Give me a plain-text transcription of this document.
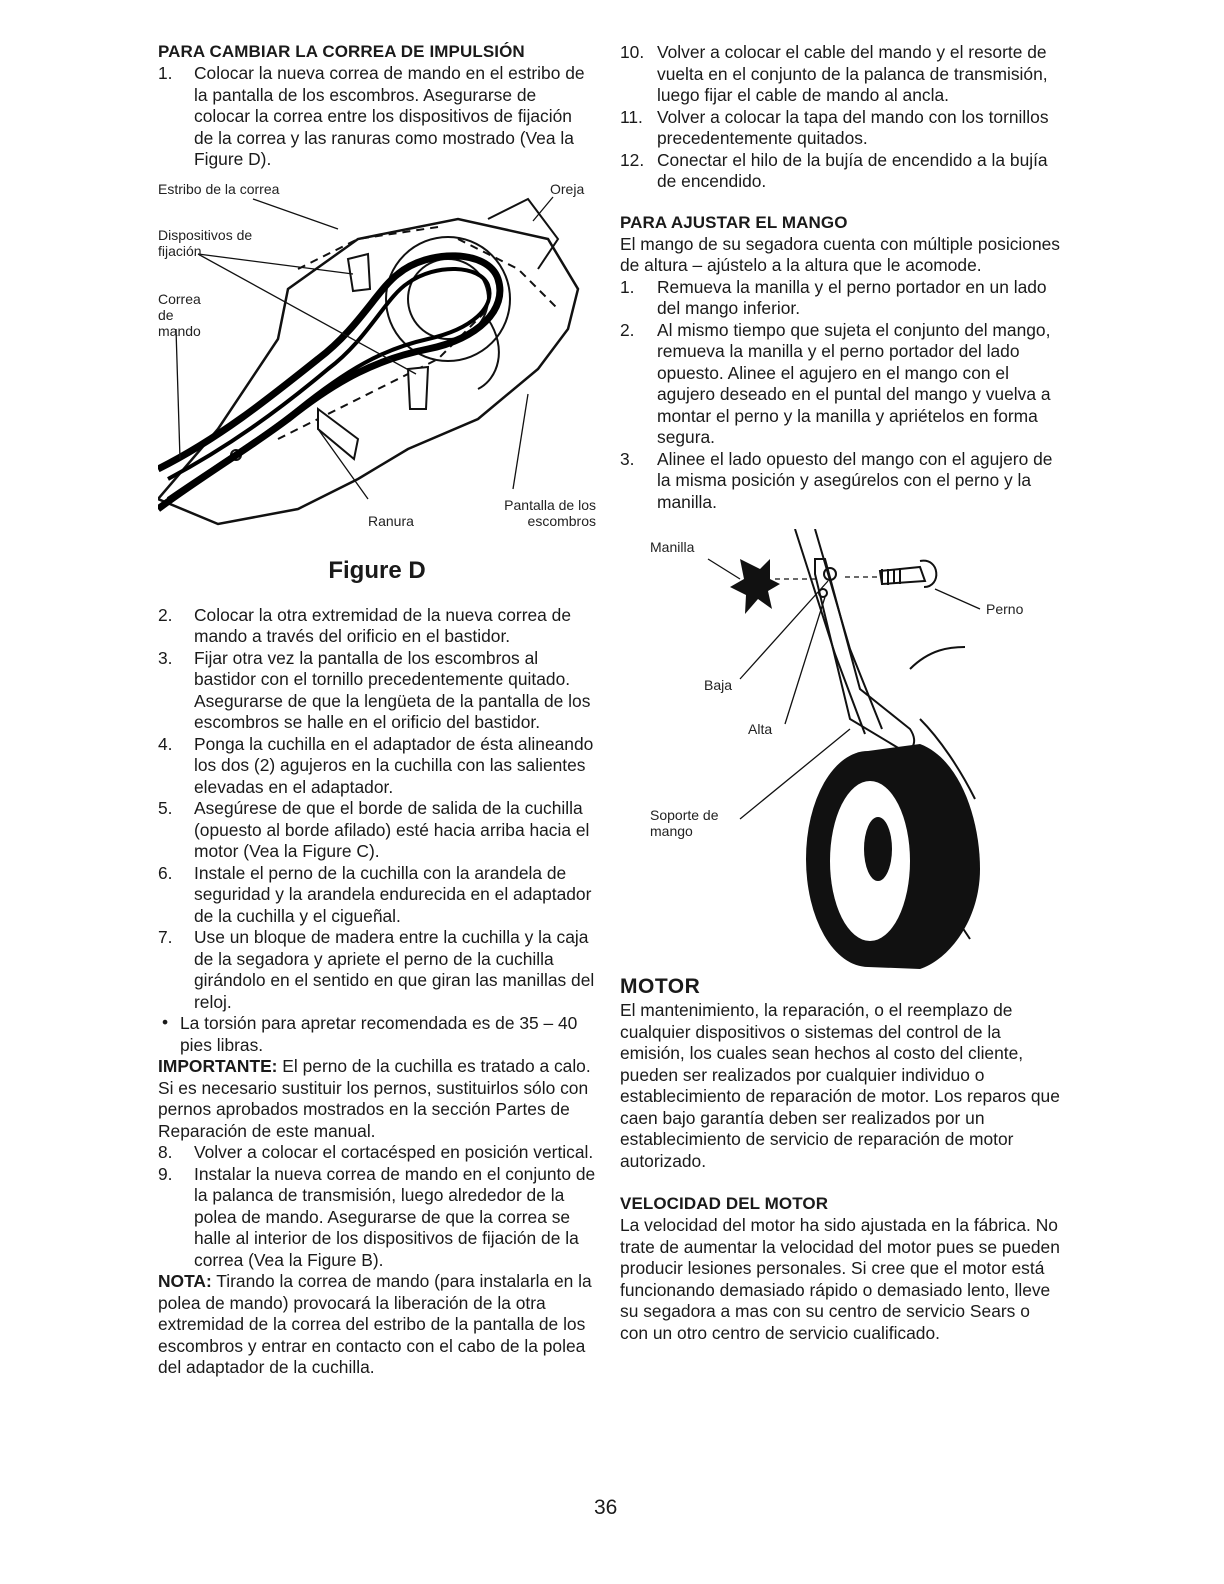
PARA CAMBIAR LA CORREA DE IMPULSIÓN
1. Colocar la nueva correa de mando en el estribo de la pantalla de los escombros. Asegurarse de colocar la correa entre los dispositivos de fijación de la correa y las ranuras como mostrado (Vea la Figure D).
Estribo de la correa	Oreja
Dispositivos de fijación
Correa de mando
Pantalla de los escombros
Ranura
Figure D
2. Colocar la otra extremidad de la nueva correa de mando a través del orificio en el bastidor.
3. Fijar otra vez la pantalla de los escombros al bastidor con el tornillo precedentemente quitado. Asegurarse de que la lengüeta de la pantalla de los escombros se halle en el orificio del bastidor.
4. Ponga la cuchilla en el adaptador de ésta alineando los dos (2) agujeros en la cuchilla con las salientes elevadas en el adaptador.
5. Asegúrese de que el borde de salida de la cuchilla (opuesto al borde afilado) esté hacia arriba hacia el motor (Vea la Figure C).
6. Instale el perno de la cuchilla con la arandela de seguridad y la arandela endurecida en el adaptador de la cuchilla y el cigueñal.
7. Use un bloque de madera entre la cuchilla y la caja de la segadora y apriete el perno de la cuchilla girándolo en el sentido en que giran las manillas del reloj.
• La torsión para apretar recomendada es de 35 – 40 pies libras.

IMPORTANTE: El perno de la cuchilla es tratado a calo. Si es necesario sustituir los pernos, sustituirlos sólo con pernos aprobados mostrados en la sección Partes de Reparación de este manual.

8. Volver a colocar el cortacésped en posición vertical.
9. Instalar la nueva correa de mando en el conjunto de la palanca de transmisión, luego alrededor de la polea de mando. Asegurarse de que la correa se halle al interior de los dispositivos de fijación de la correa (Vea la Figure B).

NOTA: Tirando la correa de mando (para instalarla en la polea de mando) provocará la liberación de la otra extremidad de la correa del estribo de la pantalla de los escombros y entrar en contacto con el cabo de la polea del adaptador de la cuchilla.

10. Volver a colocar el cable del mando y el resorte de vuelta en el conjunto de la palanca de transmisión, luego fijar el cable de mando al ancla.
11. Volver a colocar la tapa del mando con los tornillos precedentemente quitados.
12. Conectar el hilo de la bujía de encendido a la bujía de encendido.
PARA AJUSTAR EL MANGO

El mango de su segadora cuenta con múltiple posiciones de altura – ajústelo a la altura que le acomode.

1. Remueva la manilla y el perno portador en un lado del mango inferior.
2. Al mismo tiempo que sujeta el conjunto del mango, remueva la manilla y el perno portador del lado opuesto. Alinee el agujero en el mango con el agujero deseado en el puntal del mango y vuelva a montar el perno y la manilla y apriételos en forma segura.
3. Alinee el lado opuesto del mango con el agujero de la misma posición y asegúrelos con el perno y la manilla.
Manilla
Perno
Baja
Alta
Soporte de mango
MOTOR

El mantenimiento, la reparación, o el reemplazo de cualquier dispositivos o sistemas del control de la emisión, los cuales sean hechos al costo del cliente, pueden ser realizados por cualquier individuo o establecimiento de reparación de motor. Los reparos que caen bajo garantía deben ser realizados por un establecimiento de servicio de reparación de motor autorizado.

VELOCIDAD DEL MOTOR

La velocidad del motor ha sido ajustada en la fábrica. No trate de aumentar la velocidad del motor pues se pueden producir lesiones personales. Si cree que el motor está funcionando demasiado rápido o demasiado lento, lleve su segadora a mas con su centro de servicio Sears o con un otro centro de servicio cualificado.

36
